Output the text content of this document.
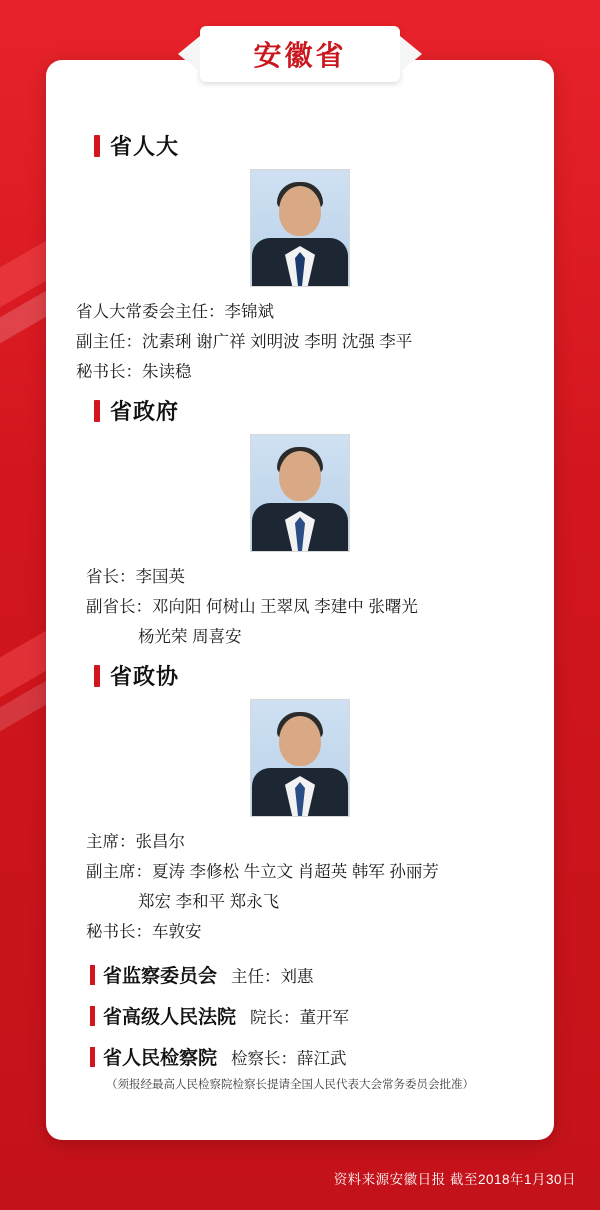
安徽省
省人大
省人大常委会主任：李锦斌
副主任：沈素琍 谢广祥 刘明波 李明 沈强 李平
秘书长：朱读稳
省政府
省长：李国英
副省长：邓向阳 何树山 王翠凤 李建中 张曙光
杨光荣 周喜安
省政协
主席：张昌尔
副主席：夏涛 李修松 牛立文 肖超英 韩军 孙丽芳
郑宏 李和平 郑永飞
秘书长：车敦安
省监察委员会 主任：刘惠
省高级人民法院 院长：董开军
省人民检察院 检察长：薛江武
（须报经最高人民检察院检察长提请全国人民代表大会常务委员会批准）
资料来源安徽日报 截至2018年1月30日
